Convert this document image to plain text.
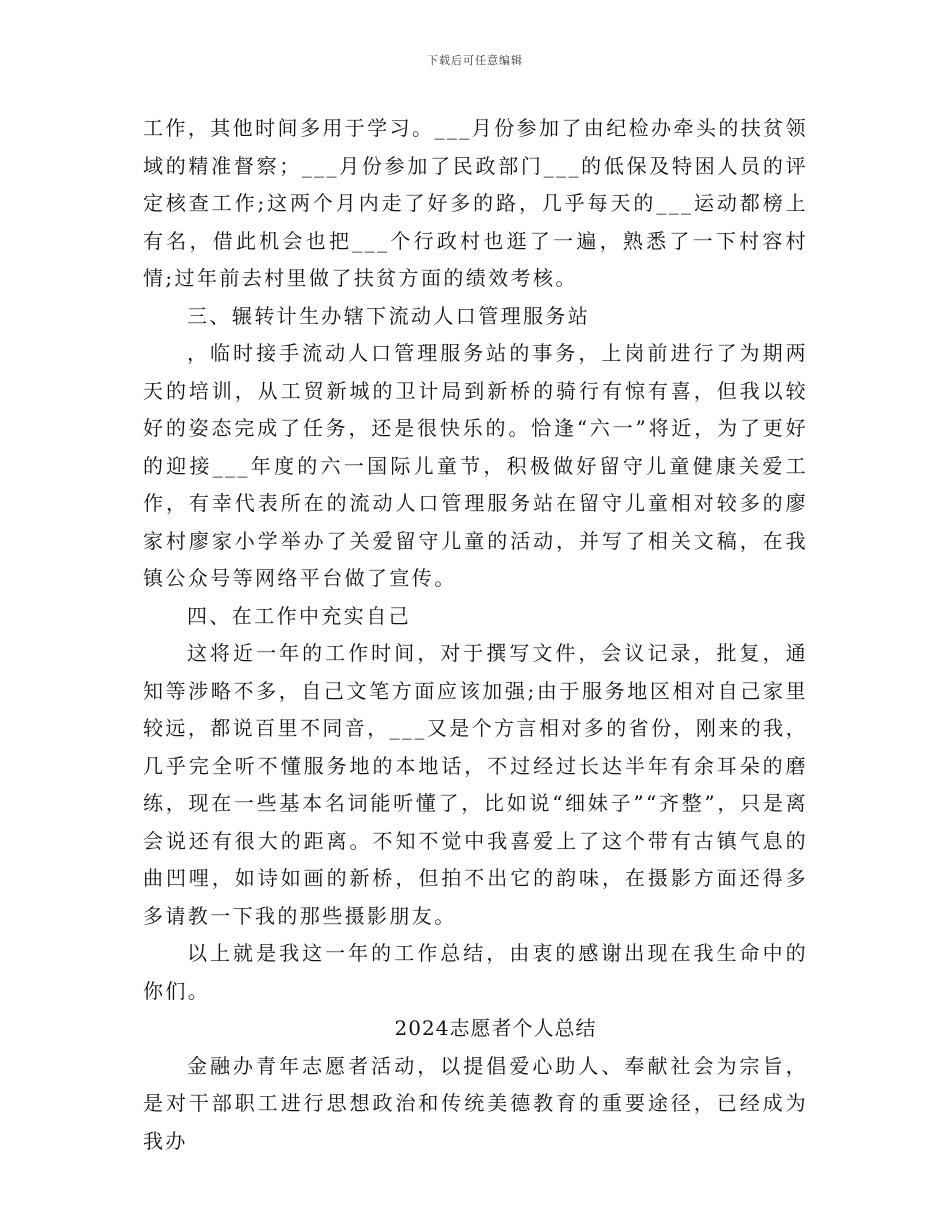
下载后可任意编辑

工作，其他时间多用于学习。___月份参加了由纪检办牵头的扶贫领域的精准督察；___月份参加了民政部门___的低保及特困人员的评定核查工作;这两个月内走了好多的路，几乎每天的___运动都榜上有名，借此机会也把___个行政村也逛了一遍，熟悉了一下村容村情;过年前去村里做了扶贫方面的绩效考核。

三、辗转计生办辖下流动人口管理服务站

，临时接手流动人口管理服务站的事务，上岗前进行了为期两天的培训，从工贸新城的卫计局到新桥的骑行有惊有喜，但我以较好的姿态完成了任务，还是很快乐的。恰逢“六一”将近，为了更好的迎接___年度的六一国际儿童节，积极做好留守儿童健康关爱工作，有幸代表所在的流动人口管理服务站在留守儿童相对较多的廖家村廖家小学举办了关爱留守儿童的活动，并写了相关文稿，在我镇公众号等网络平台做了宣传。

四、在工作中充实自己

这将近一年的工作时间，对于撰写文件，会议记录，批复，通知等涉略不多，自己文笔方面应该加强;由于服务地区相对自己家里较远，都说百里不同音，___又是个方言相对多的省份，刚来的我，几乎完全听不懂服务地的本地话，不过经过长达半年有余耳朵的磨练，现在一些基本名词能听懂了，比如说“细妹子”“齐整”，只是离会说还有很大的距离。不知不觉中我喜爱上了这个带有古镇气息的曲凹哩，如诗如画的新桥，但拍不出它的韵味，在摄影方面还得多多请教一下我的那些摄影朋友。

以上就是我这一年的工作总结，由衷的感谢出现在我生命中的你们。

2024志愿者个人总结

金融办青年志愿者活动，以提倡爱心助人、奉献社会为宗旨，是对干部职工进行思想政治和传统美德教育的重要途径，已经成为我办
